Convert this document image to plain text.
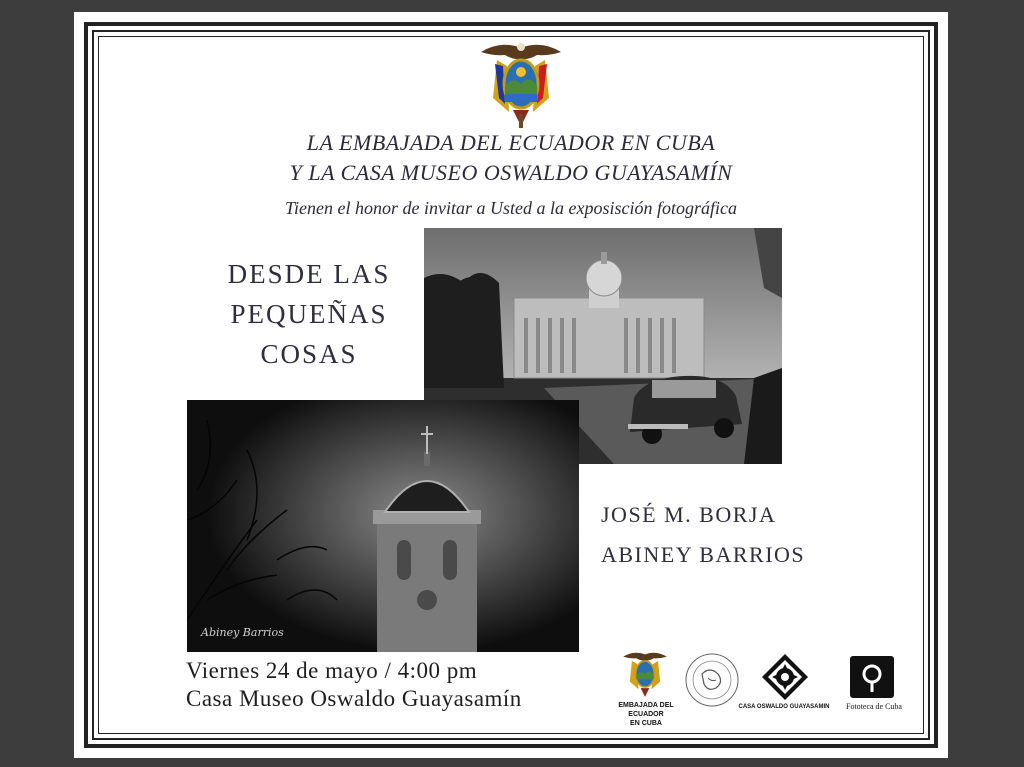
LA EMBAJADA DEL ECUADOR EN CUBA
Y LA CASA MUSEO OSWALDO GUAYASAMÍN
Tienen el honor de invitar a Usted a la exposisción fotográfica
DESDE LAS
PEQUEÑAS
COSAS
Abiney Barrios
JOSÉ M. BORJA
ABINEY BARRIOS
Viernes 24 de mayo / 4:00 pm
Casa Museo Oswaldo Guayasamín	EMBAJADA DEL ECUADOR
EN CUBA
CASA OSWALDO GUAYASAMIN	Fototeca de Cuba
